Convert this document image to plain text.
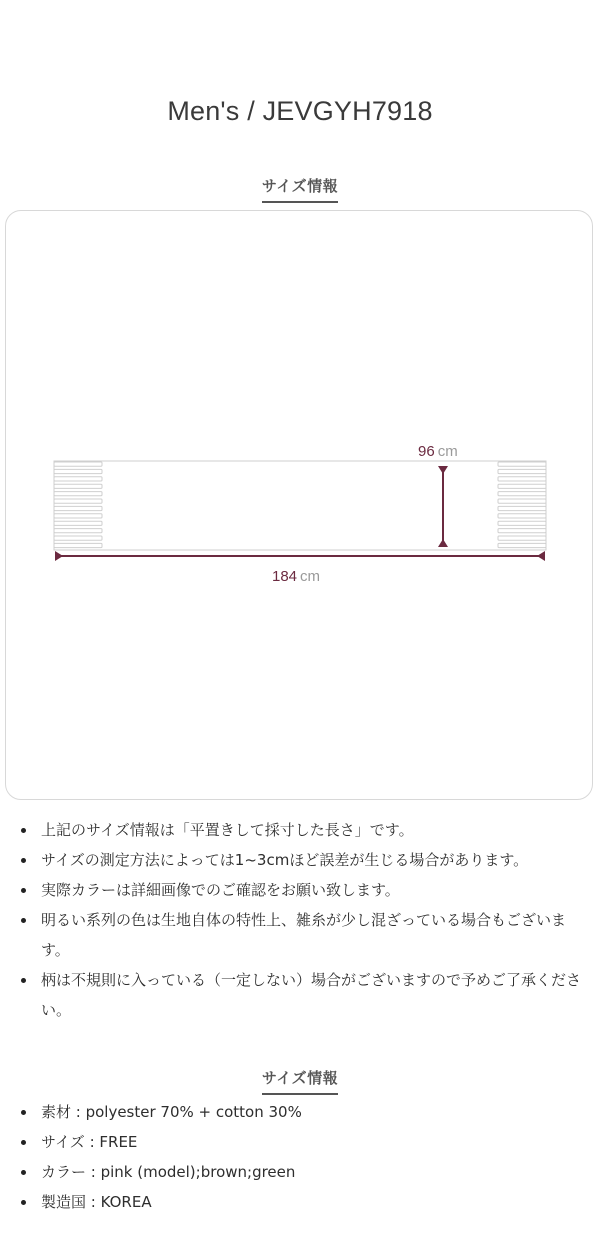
Men's / JEVGYH7918
サイズ情報
96 cm
184 cm
上記のサイズ情報は「平置きして採寸した長さ」です。
サイズの測定方法によっては1~3cmほど誤差が生じる場合があります。
実際カラーは詳細画像でのご確認をお願い致します。
明るい系列の色は生地自体の特性上、雑糸が少し混ざっている場合もございます。
柄は不規則に入っている（一定しない）場合がございますので予めご了承ください。
サイズ情報
素材 : polyester 70% + cotton 30%
サイズ : FREE
カラー : pink (model);brown;green
製造国 : KOREA
